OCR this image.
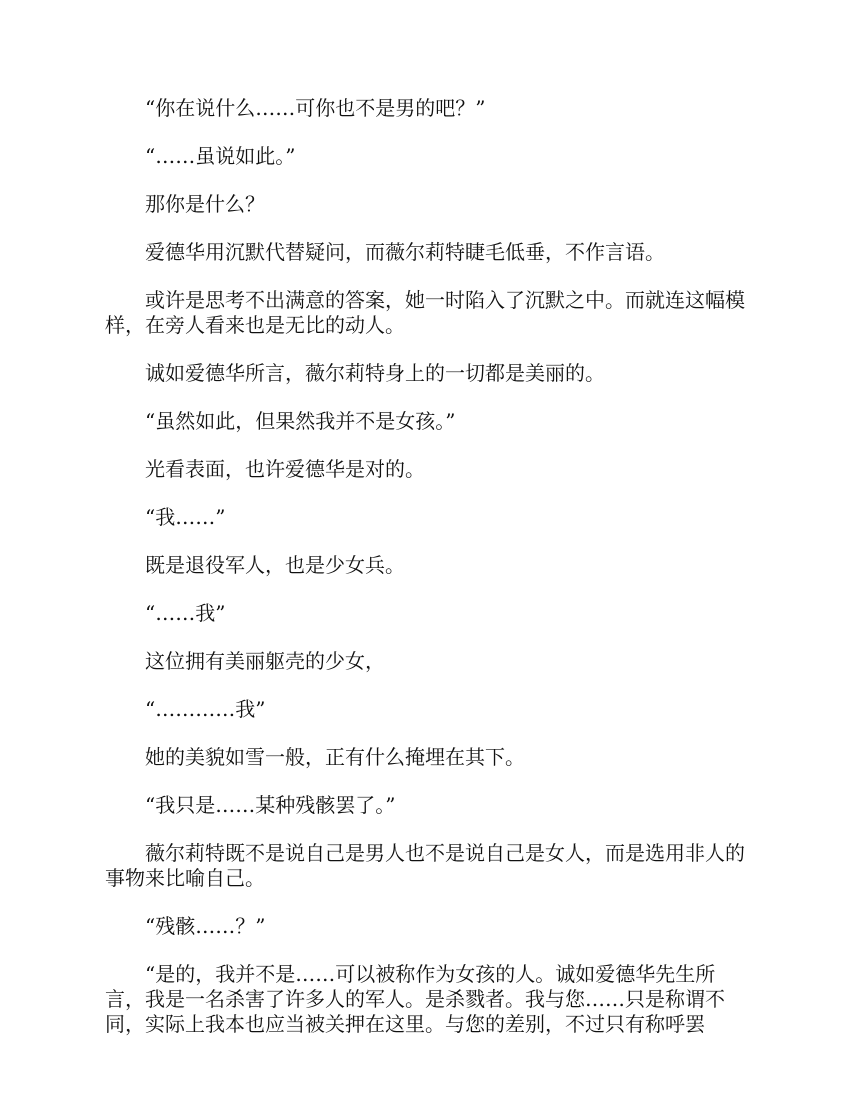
“你在说什么……可你也不是男的吧？”

“……虽说如此。”

那你是什么？

爱德华用沉默代替疑问，而薇尔莉特睫毛低垂，不作言语。

或许是思考不出满意的答案，她一时陷入了沉默之中。而就连这幅模样，在旁人看来也是无比的动人。

诚如爱德华所言，薇尔莉特身上的一切都是美丽的。

“虽然如此，但果然我并不是女孩。”

光看表面，也许爱德华是对的。

“我……”

既是退役军人，也是少女兵。

“……我”

这位拥有美丽躯壳的少女，

“…………我”

她的美貌如雪一般，正有什么掩埋在其下。

“我只是……某种残骸罢了。”

薇尔莉特既不是说自己是男人也不是说自己是女人，而是选用非人的事物来比喻自己。

“残骸……？”

“是的，我并不是……可以被称作为女孩的人。诚如爱德华先生所言，我是一名杀害了许多人的军人。是杀戮者。我与您……只是称谓不同，实际上我本也应当被关押在这里。与您的差别，不过只有称呼罢
